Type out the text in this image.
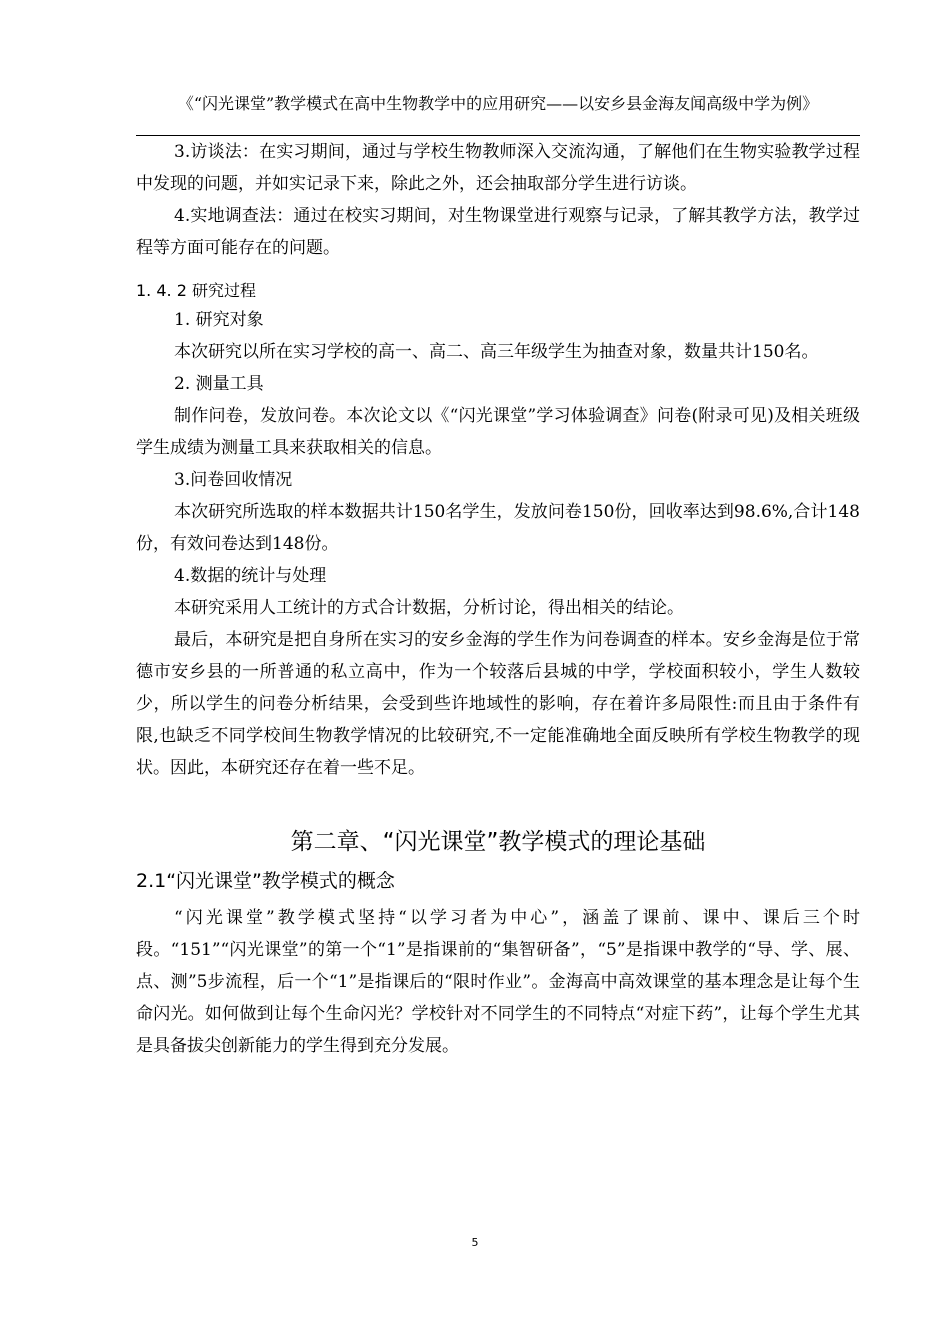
《“闪光课堂”教学模式在高中生物教学中的应用研究——以安乡县金海友闻高级中学为例》

3.访谈法：在实习期间，通过与学校生物教师深入交流沟通，了解他们在生物实验教学过程中发现的问题，并如实记录下来，除此之外，还会抽取部分学生进行访谈。

4.实地调查法：通过在校实习期间，对生物课堂进行观察与记录，了解其教学方法，教学过程等方面可能存在的问题。

1. 4. 2 研究过程

1. 研究对象

本次研究以所在实习学校的高一、高二、高三年级学生为抽查对象，数量共计150名。

2. 测量工具

制作问卷，发放问卷。本次论文以《“闪光课堂”学习体验调查》问卷(附录可见)及相关班级学生成绩为测量工具来获取相关的信息。

3.问卷回收情况

本次研究所选取的样本数据共计150名学生，发放问卷150份，回收率达到98.6%,合计148份，有效问卷达到148份。

4.数据的统计与处理

本研究采用人工统计的方式合计数据，分析讨论，得出相关的结论。

最后，本研究是把自身所在实习的安乡金海的学生作为问卷调查的样本。安乡金海是位于常德市安乡县的一所普通的私立高中，作为一个较落后县城的中学，学校面积较小，学生人数较少，所以学生的问卷分析结果，会受到些许地域性的影响，存在着许多局限性:而且由于条件有限,也缺乏不同学校间生物教学情况的比较研究,不一定能准确地全面反映所有学校生物教学的现状。因此，本研究还存在着一些不足。

第二章、“闪光课堂”教学模式的理论基础
2.1“闪光课堂”教学模式的概念

“闪光课堂”教学模式坚持“以学习者为中心”，涵盖了课前、课中、课后三个时段。“151”“闪光课堂”的第一个“1”是指课前的“集智研备”，“5”是指课中教学的“导、学、展、点、测”5步流程，后一个“1”是指课后的“限时作业”。金海高中高效课堂的基本理念是让每个生命闪光。如何做到让每个生命闪光？学校针对不同学生的不同特点“对症下药”，让每个学生尤其是具备拔尖创新能力的学生得到充分发展。

5
